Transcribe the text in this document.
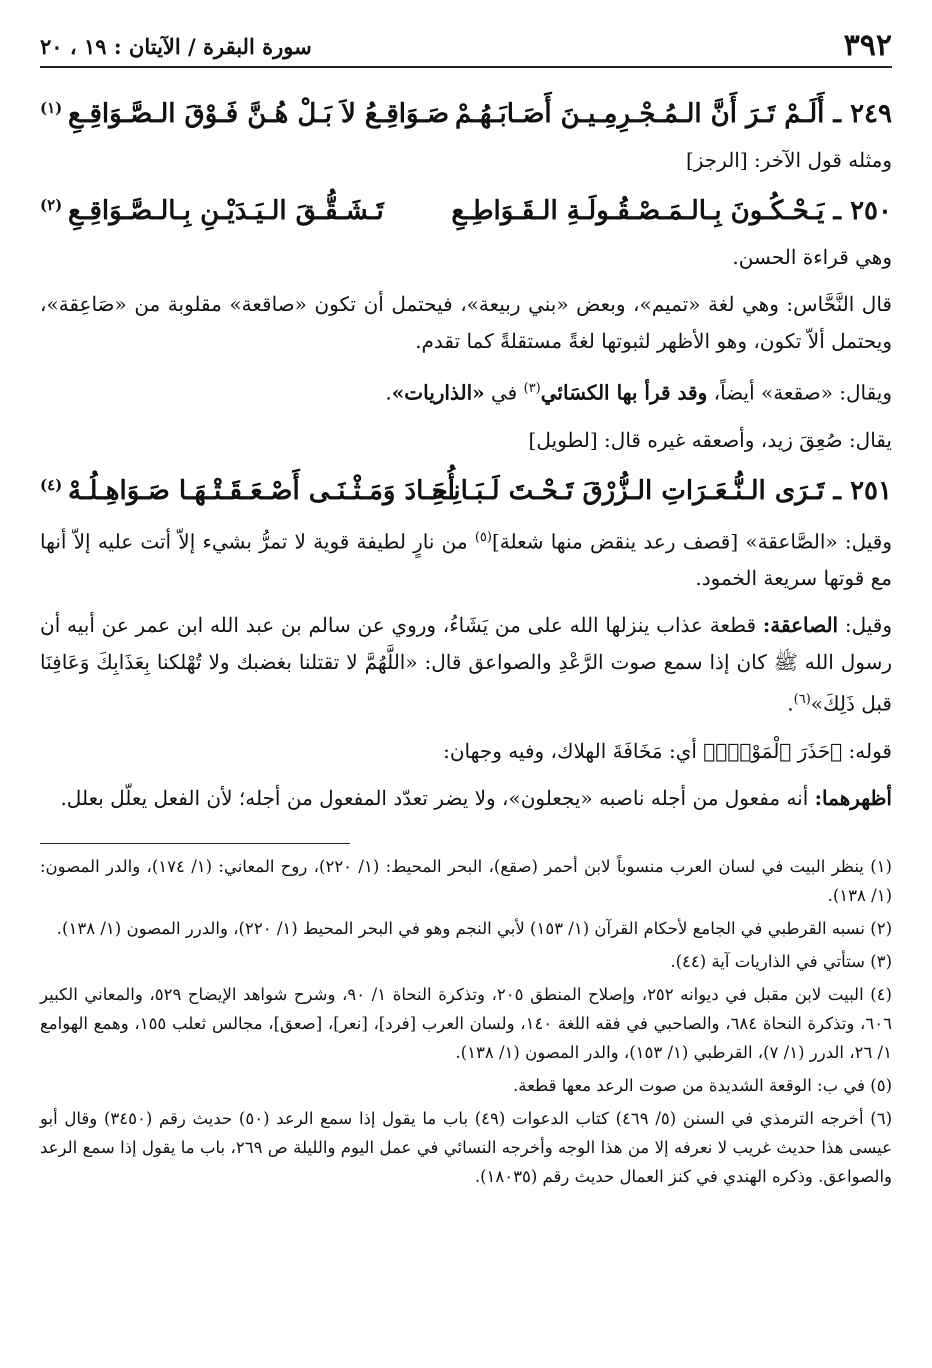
٣٩٢
سورة البقرة / الآيتان : ١٩ ، ٢٠
٢٤٩ ـ أَلَـمْ تَـرَ أَنَّ الـمُـجْـرِمِـيـنَ أَصَـابَـهُـمْ
صَـوَاقِـعُ لاَ بَـلْ هُـنَّ فَـوْقَ الـصَّـوَاقِـعِ
(١)

ومثله قول الآخر: [الرجز]

٢٥٠ ـ يَـحْـكُـونَ بِـالـمَـصْـقُـولَـةِ الـقَـوَاطِـعِ
تَـشَـقُّـقَ الـيَـدَيْـنِ بِـالـصَّـوَاقِـعِ
(٢)

وهي قراءة الحسن.

قال النَّحَّاس: وهي لغة «تميم»، وبعض «بني ربيعة»، فيحتمل أن تكون «صاقعة» مقلوبة من «صَاعِقة»، ويحتمل ألاّ تكون، وهو الأظهر لثبوتها لغةً مستقلةً كما تقدم.

ويقال: «صقعة» أيضاً، وقد قرأ بها الكسَائي$^{(٣)}$ في «الذاريات».

يقال: صُعِقَ زيد، وأصعقه غيره قال: [لطويل]

٢٥١ ـ تَـرَى الـنُّـعَـرَاتِ الـزُّرْقَ تَـحْـتَ لَـبَـانِـهِ
أُحَـادَ وَمَـثْـنَـى أَصْـعَـقَـتْـهَـا صَـوَاهِـلُـهْ
(٤)

وقيل: «الصَّاعقة» [قصف رعد ينقض منها شعلة]$^{(٥)}$ من نارٍ لطيفة قوية لا تمرُّ بشيء إلاّ أتت عليه إلاّ أنها مع قوتها سريعة الخمود.

وقيل: الصاعقة: قطعة عذاب ينزلها الله على من يَشَاءُ، وروي عن سالم بن عبد الله ابن عمر عن أبيه أن رسول الله ﷺ كان إذا سمع صوت الرَّعْدِ والصواعق قال: «اللَّهُمَّ لا تقتلنا بغضبك ولا تُهْلكنا بِعَذَابِكَ وَعَافِنَا قبل ذَلِكَ»$^{(٦)}$.

قوله: ﴿حَذَرَ ٱلْمَوْتِۗ﴾ أي: مَخَافَةَ الهلاك، وفيه وجهان:

أظهرهما: أنه مفعول من أجله ناصبه «يجعلون»، ولا يضر تعدّد المفعول من أجله؛ لأن الفعل يعلّل بعلل.

(١) ينظر البيت في لسان العرب منسوباً لابن أحمر (صقع)، البحر المحيط: (١/ ٢٢٠)، روح المعاني: (١/ ١٧٤)، والدر المصون: (١/ ١٣٨).

(٢) نسبه القرطبي في الجامع لأحكام القرآن (١/ ١٥٣) لأبي النجم وهو في البحر المحيط (١/ ٢٢٠)، والدرر المصون (١/ ١٣٨).

(٣) ستأتي في الذاريات آية (٤٤).

(٤) البيت لابن مقبل في ديوانه ٢٥٢، وإصلاح المنطق ٢٠٥، وتذكرة النحاة ١/ ٩٠، وشرح شواهد الإيضاح ٥٢٩، والمعاني الكبير ٦٠٦، وتذكرة النحاة ٦٨٤، والصاحبي في فقه اللغة ١٤٠، ولسان العرب [فرد]، [نعر]، [صعق]، مجالس ثعلب ١٥٥، وهمع الهوامع ١/ ٢٦، الدرر (١/ ٧)، القرطبي (١/ ١٥٣)، والدر المصون (١/ ١٣٨).

(٥) في ب: الوقعة الشديدة من صوت الرعد معها قطعة.

(٦) أخرجه الترمذي في السنن (٥/ ٤٦٩) كتاب الدعوات (٤٩) باب ما يقول إذا سمع الرعد (٥٠) حديث رقم (٣٤٥٠) وقال أبو عيسى هذا حديث غريب لا نعرفه إلا من هذا الوجه وأخرجه النسائي في عمل اليوم والليلة ص ٢٦٩، باب ما يقول إذا سمع الرعد والصواعق. وذكره الهندي في كنز العمال حديث رقم (١٨٠٣٥).
